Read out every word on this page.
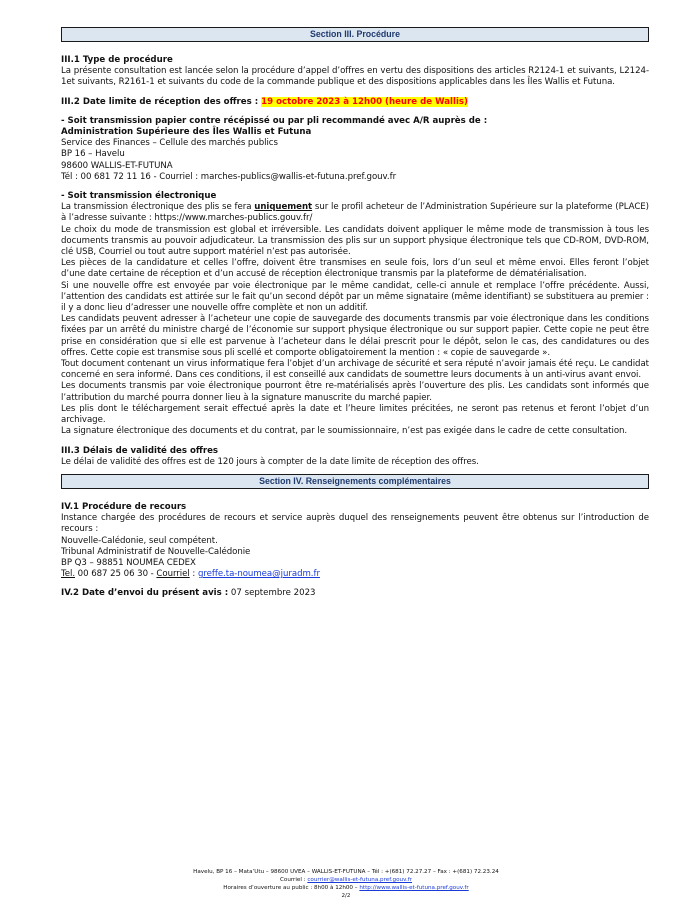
Section III. Procédure
III.1 Type de procédure

La présente consultation est lancée selon la procédure d’appel d’offres en vertu des dispositions des articles R2124-1 et suivants, L2124-1et suivants, R2161-1 et suivants du code de la commande publique et des dispositions applicables dans les Îles Wallis et Futuna.

III.2 Date limite de réception des offres : 19 octobre 2023 à 12h00 (heure de Wallis)
- Soit transmission papier contre récépissé ou par pli recommandé avec A/R auprès de :
Administration Supérieure des Îles Wallis et Futuna
Service des Finances – Cellule des marchés publics
BP 16 – Havelu
98600 WALLIS-ET-FUTUNA
Tél : 00 681 72 11 16 - Courriel : marches-publics@wallis-et-futuna.pref.gouv.fr
- Soit transmission électronique

La transmission électronique des plis se fera uniquement sur le profil acheteur de l’Administration Supérieure sur la plateforme (PLACE) à l’adresse suivante : https://www.marches-publics.gouv.fr/

Le choix du mode de transmission est global et irréversible. Les candidats doivent appliquer le même mode de transmission à tous les documents transmis au pouvoir adjudicateur. La transmission des plis sur un support physique électronique tels que CD-ROM, DVD-ROM, clé USB, Courriel ou tout autre support matériel n’est pas autorisée.

Les pièces de la candidature et celles l’offre, doivent être transmises en seule fois, lors d’un seul et même envoi. Elles feront l’objet d’une date certaine de réception et d’un accusé de réception électronique transmis par la plateforme de dématérialisation.

Si une nouvelle offre est envoyée par voie électronique par le même candidat, celle-ci annule et remplace l’offre précédente. Aussi, l’attention des candidats est attirée sur le fait qu’un second dépôt par un même signataire (même identifiant) se substituera au premier : il y a donc lieu d’adresser une nouvelle offre complète et non un additif.

Les candidats peuvent adresser à l’acheteur une copie de sauvegarde des documents transmis par voie électronique dans les conditions fixées par un arrêté du ministre chargé de l’économie sur support physique électronique ou sur support papier. Cette copie ne peut être prise en considération que si elle est parvenue à l’acheteur dans le délai prescrit pour le dépôt, selon le cas, des candidatures ou des offres. Cette copie est transmise sous pli scellé et comporte obligatoirement la mention : « copie de sauvegarde ».

Tout document contenant un virus informatique fera l’objet d’un archivage de sécurité et sera réputé n’avoir jamais été reçu. Le candidat concerné en sera informé. Dans ces conditions, il est conseillé aux candidats de soumettre leurs documents à un anti-virus avant envoi.

Les documents transmis par voie électronique pourront être re-matérialisés après l’ouverture des plis. Les candidats sont informés que l’attribution du marché pourra donner lieu à la signature manuscrite du marché papier.

Les plis dont le téléchargement serait effectué après la date et l’heure limites précitées, ne seront pas retenus et feront l’objet d’un archivage.

La signature électronique des documents et du contrat, par le soumissionnaire, n’est pas exigée dans le cadre de cette consultation.

III.3 Délais de validité des offres

Le délai de validité des offres est de 120 jours à compter de la date limite de réception des offres.

Section IV. Renseignements complémentaires
IV.1 Procédure de recours
Instance chargée des procédures de recours et service auprès duquel des renseignements peuvent être obtenus sur l’introduction de recours :
Nouvelle-Calédonie, seul compétent.
Tribunal Administratif de Nouvelle-Calédonie
BP Q3 – 98851 NOUMEA CEDEX
Tel. 00 687 25 06 30 - Courriel : greffe.ta-noumea@juradm.fr
IV.2 Date d’envoi du présent avis : 07 septembre 2023
Havelu, BP 16 – Mata’Utu – 98600 UVEA – WALLIS-ET-FUTUNA – Tél : +(681) 72.27.27 – Fax : +(681) 72.23.24
Courriel : courrier@wallis-et-futuna.pref.gouv.fr
Horaires d’ouverture au public : 8h00 à 12h00 – http://www.wallis-et-futuna.pref.gouv.fr
2/2
